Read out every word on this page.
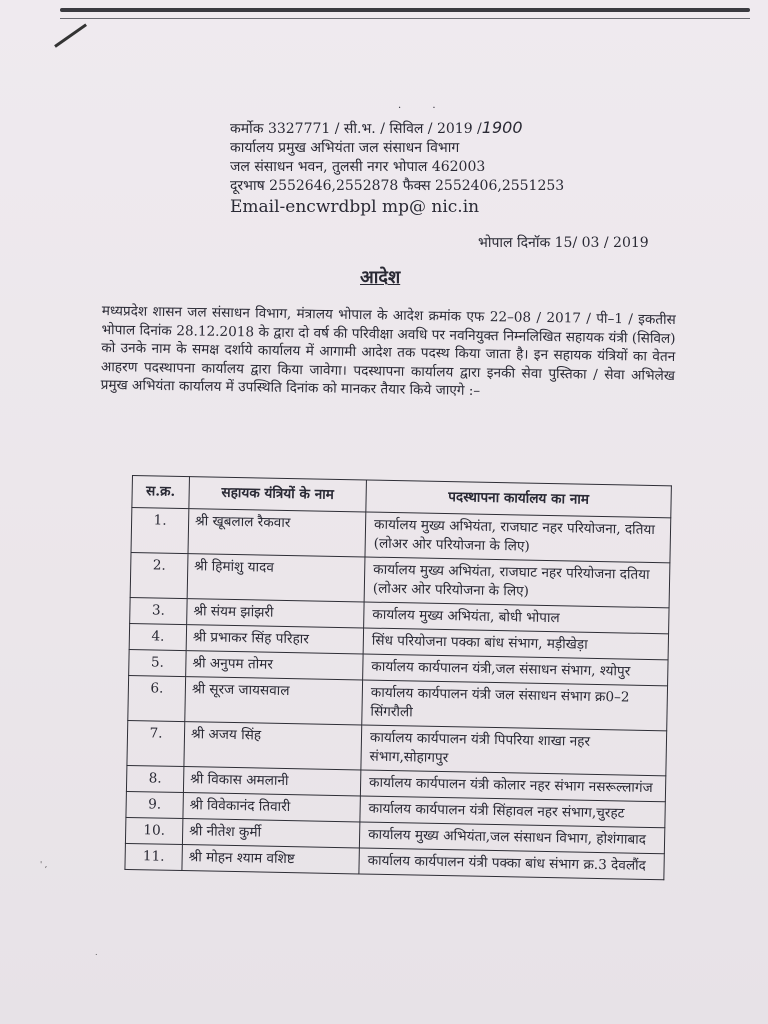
. .
कर्मोक 3327771 / सी.भ. / सिविल / 2019 /1900
कार्यालय प्रमुख अभियंता जल संसाधन विभाग
जल संसाधन भवन, तुलसी नगर भोपाल 462003
दूरभाष 2552646,2552878 फैक्स 2552406,2551253
Email-encwrdbpl mp@ nic.in
भोपाल दिनॉक 15/ 03 / 2019
आदेश
मध्यप्रदेश शासन जल संसाधन विभाग, मंत्रालय भोपाल के आदेश क्रमांक एफ 22–08 / 2017 / पी–1 / इकतीस भोपाल दिनांक 28.12.2018 के द्वारा दो वर्ष की परिवीक्षा अवधि पर नवनियुक्त निम्नलिखित सहायक यंत्री (सिविल) को उनके नाम के समक्ष दर्शाये कार्यालय में आगामी आदेश तक पदस्थ किया जाता है। इन सहायक यंत्रियों का वेतन आहरण पदस्थापना कार्यालय द्वारा किया जावेगा। पदस्थापना कार्यालय द्वारा इनकी सेवा पुस्तिका / सेवा अभिलेख प्रमुख अभियंता कार्यालय में उपस्थिति दिनांक को मानकर तैयार किये जाएगे :–
स.क्र.	सहायक यंत्रियों के नाम	पदस्थापना कार्यालय का नाम
1.	श्री खूबलाल रैकवार	कार्यालय मुख्य अभियंता, राजघाट नहर परियोजना, दतिया (लोअर ओर परियोजना के लिए)
2.	श्री हिमांशु यादव	कार्यालय मुख्य अभियंता, राजघाट नहर परियोजना दतिया (लोअर ओर परियोजना के लिए)
3.	श्री संयम झांझरी	कार्यालय मुख्य अभियंता, बोधी भोपाल
4.	श्री प्रभाकर सिंह परिहार	सिंध परियोजना पक्का बांध संभाग, मड़ीखेड़ा
5.	श्री अनुपम तोमर	कार्यालय कार्यपालन यंत्री,जल संसाधन संभाग, श्योपुर
6.	श्री सूरज जायसवाल	कार्यालय कार्यपालन यंत्री जल संसाधन संभाग क्र0–2 सिंगरौली
7.	श्री अजय सिंह	कार्यालय कार्यपालन यंत्री पिपरिया शाखा नहर संभाग,सोहागपुर
8.	श्री विकास अमलानी	कार्यालय कार्यपालन यंत्री कोलार नहर संभाग नसरूल्लागंज
9.	श्री विवेकानंद तिवारी	कार्यालय कार्यपालन यंत्री सिंहावल नहर संभाग,चुरहट
10.	श्री नीतेश कुर्मी	कार्यालय मुख्य अभियंता,जल संसाधन विभाग, होशंगाबाद
11.	श्री मोहन श्याम वशिष्ट	कार्यालय कार्यपालन यंत्री पक्का बांध संभाग क्र.3 देवलौंद
' ,
.
